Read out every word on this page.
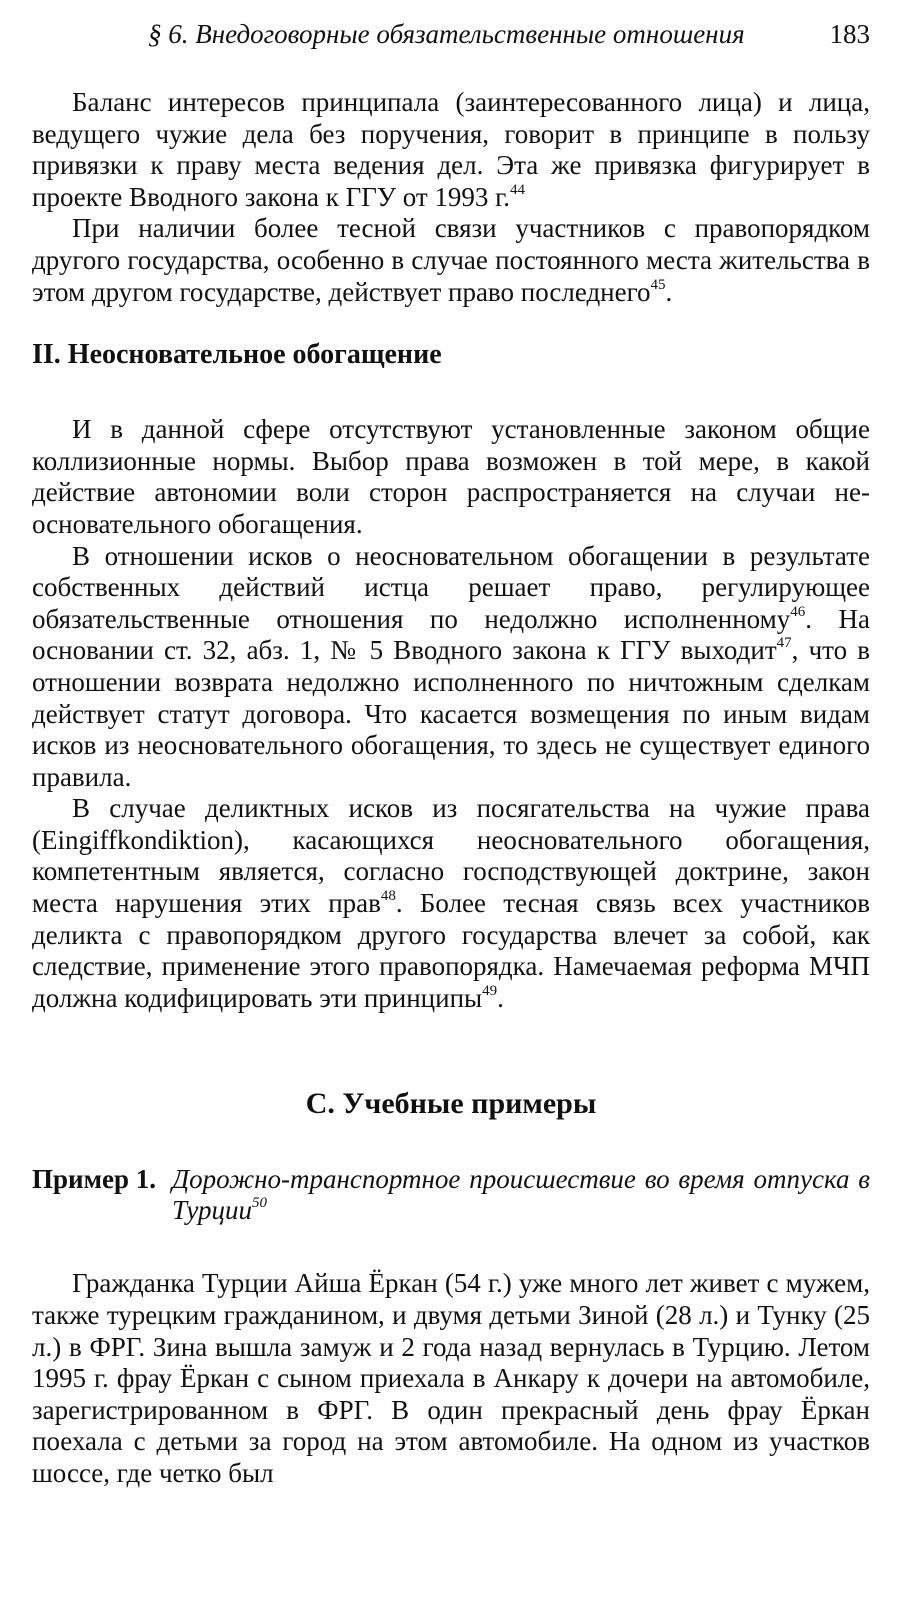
§ 6. Внедоговорные обязательственные отношения	183

Баланс интересов принципала (заинтересованного лица) и лица, ведущего чужие дела без поручения, говорит в принципе в пользу привязки к праву места ведения дел. Эта же привязка фигурирует в проекте Вводного закона к ГГУ от 1993 г.$^{44}$

При наличии более тесной связи участников с правопорядком другого государства, особенно в случае постоянного места жительства в этом другом государстве, действует право последнего$^{45}$.

II. Неосновательное обогащение

И в данной сфере отсутствуют установленные законом общие коллизионные нормы. Выбор права возможен в той мере, в какой действие автономии воли сторон распространяется на случаи неосновательного обогащения.

В отношении исков о неосновательном обогащении в результате собственных действий истца решает право, регулирующее обязательственные отношения по недолжно исполненному$^{46}$. На основании ст. 32, абз. 1, № 5 Вводного закона к ГГУ выходит$^{47}$, что в отношении возврата недолжно исполненного по ничтожным сделкам действует статут договора. Что касается возмещения по иным видам исков из неосновательного обогащения, то здесь не существует единого правила.

В случае деликтных исков из посягательства на чужие права (Eingiffkondiktion), касающихся неосновательного обогащения, компетентным является, согласно господствующей доктрине, закон места нарушения этих прав$^{48}$. Более тесная связь всех участников деликта с правопорядком другого государства влечет за собой, как следствие, применение этого правопорядка. Намечаемая реформа МЧП должна кодифицировать эти принципы$^{49}$.

С. Учебные примеры
Пример 1. Дорожно-транспортное происшествие во время отпуска в Турции$^{50}$

Гражданка Турции Айша Ёркан (54 г.) уже много лет живет с мужем, также турецким гражданином, и двумя детьми Зиной (28 л.) и Тунку (25 л.) в ФРГ. Зина вышла замуж и 2 года назад вернулась в Турцию. Летом 1995 г. фрау Ёркан с сыном приехала в Анкару к дочери на автомобиле, зарегистрированном в ФРГ. В один прекрасный день фрау Ёркан поехала с детьми за город на этом автомобиле. На одном из участков шоссе, где четко был
